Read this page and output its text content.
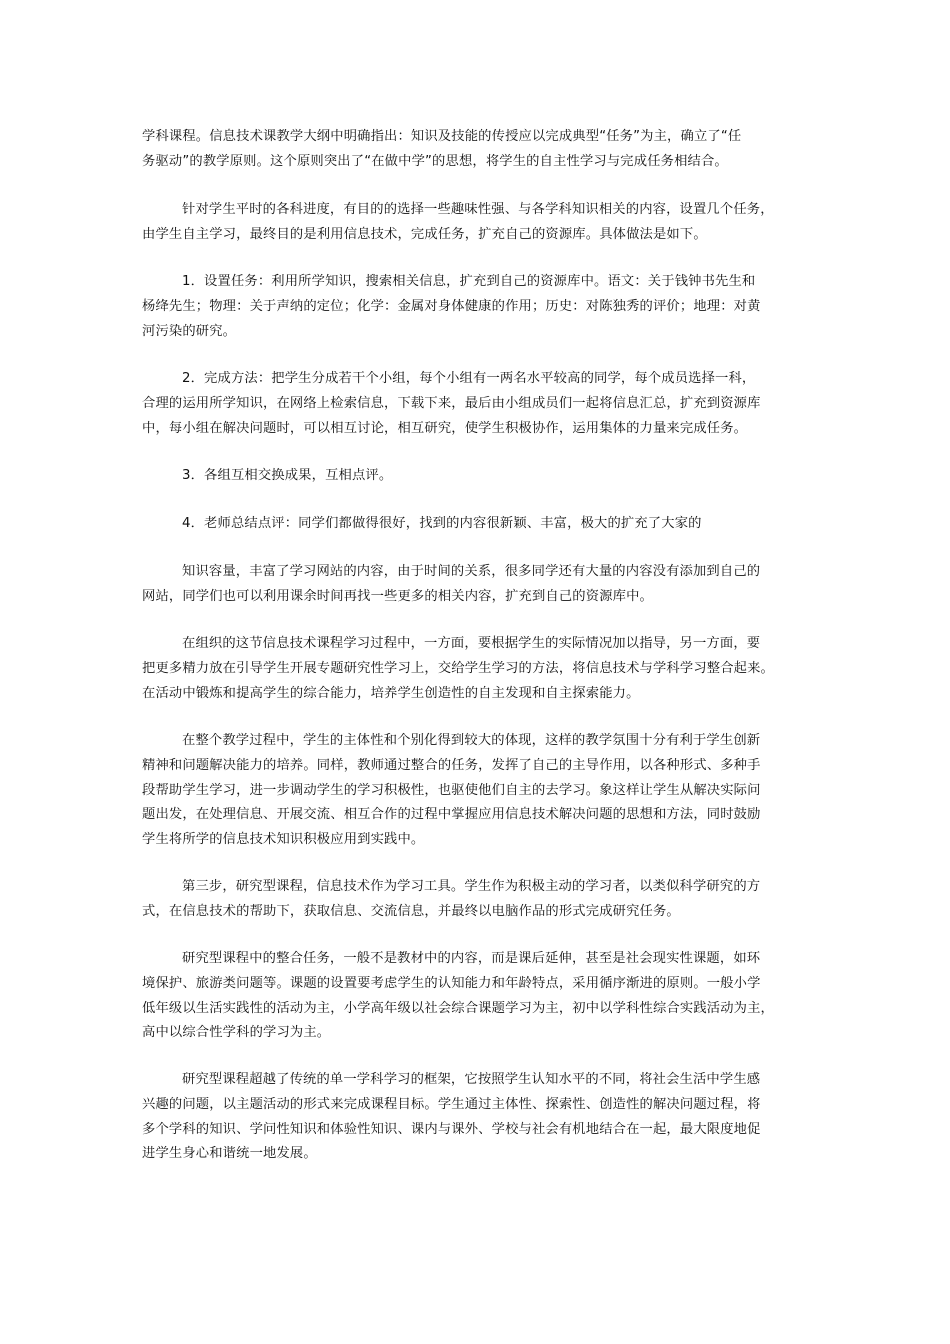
学科课程。信息技术课教学大纲中明确指出：知识及技能的传授应以完成典型“任务”为主，确立了“任
务驱动”的教学原则。这个原则突出了“在做中学”的思想，将学生的自主性学习与完成任务相结合。
针对学生平时的各科进度，有目的的选择一些趣味性强、与各学科知识相关的内容，设置几个任务，
由学生自主学习，最终目的是利用信息技术，完成任务，扩充自己的资源库。具体做法是如下。
1．设置任务：利用所学知识，搜索相关信息，扩充到自己的资源库中。语文：关于钱钟书先生和
杨绛先生；物理：关于声纳的定位；化学：金属对身体健康的作用；历史：对陈独秀的评价；地理：对黄
河污染的研究。
2．完成方法：把学生分成若干个小组，每个小组有一两名水平较高的同学，每个成员选择一科，
合理的运用所学知识，在网络上检索信息，下载下来，最后由小组成员们一起将信息汇总，扩充到资源库
中，每小组在解决问题时，可以相互讨论，相互研究，使学生积极协作，运用集体的力量来完成任务。
3．各组互相交换成果，互相点评。
4．老师总结点评：同学们都做得很好，找到的内容很新颖、丰富，极大的扩充了大家的
知识容量，丰富了学习网站的内容，由于时间的关系，很多同学还有大量的内容没有添加到自己的
网站，同学们也可以利用课余时间再找一些更多的相关内容，扩充到自己的资源库中。
在组织的这节信息技术课程学习过程中，一方面，要根据学生的实际情况加以指导，另一方面，要
把更多精力放在引导学生开展专题研究性学习上，交给学生学习的方法，将信息技术与学科学习整合起来。
在活动中锻炼和提高学生的综合能力，培养学生创造性的自主发现和自主探索能力。
在整个教学过程中，学生的主体性和个别化得到较大的体现，这样的教学氛围十分有利于学生创新
精神和问题解决能力的培养。同样，教师通过整合的任务，发挥了自己的主导作用，以各种形式、多种手
段帮助学生学习，进一步调动学生的学习积极性，也驱使他们自主的去学习。象这样让学生从解决实际问
题出发，在处理信息、开展交流、相互合作的过程中掌握应用信息技术解决问题的思想和方法，同时鼓励
学生将所学的信息技术知识积极应用到实践中。
第三步，研究型课程，信息技术作为学习工具。学生作为积极主动的学习者，以类似科学研究的方
式，在信息技术的帮助下，获取信息、交流信息，并最终以电脑作品的形式完成研究任务。
研究型课程中的整合任务，一般不是教材中的内容，而是课后延伸，甚至是社会现实性课题，如环
境保护、旅游类问题等。课题的设置要考虑学生的认知能力和年龄特点，采用循序渐进的原则。一般小学
低年级以生活实践性的活动为主，小学高年级以社会综合课题学习为主，初中以学科性综合实践活动为主，
高中以综合性学科的学习为主。
研究型课程超越了传统的单一学科学习的框架，它按照学生认知水平的不同，将社会生活中学生感
兴趣的问题，以主题活动的形式来完成课程目标。学生通过主体性、探索性、创造性的解决问题过程，将
多个学科的知识、学问性知识和体验性知识、课内与课外、学校与社会有机地结合在一起，最大限度地促
进学生身心和谐统一地发展。
